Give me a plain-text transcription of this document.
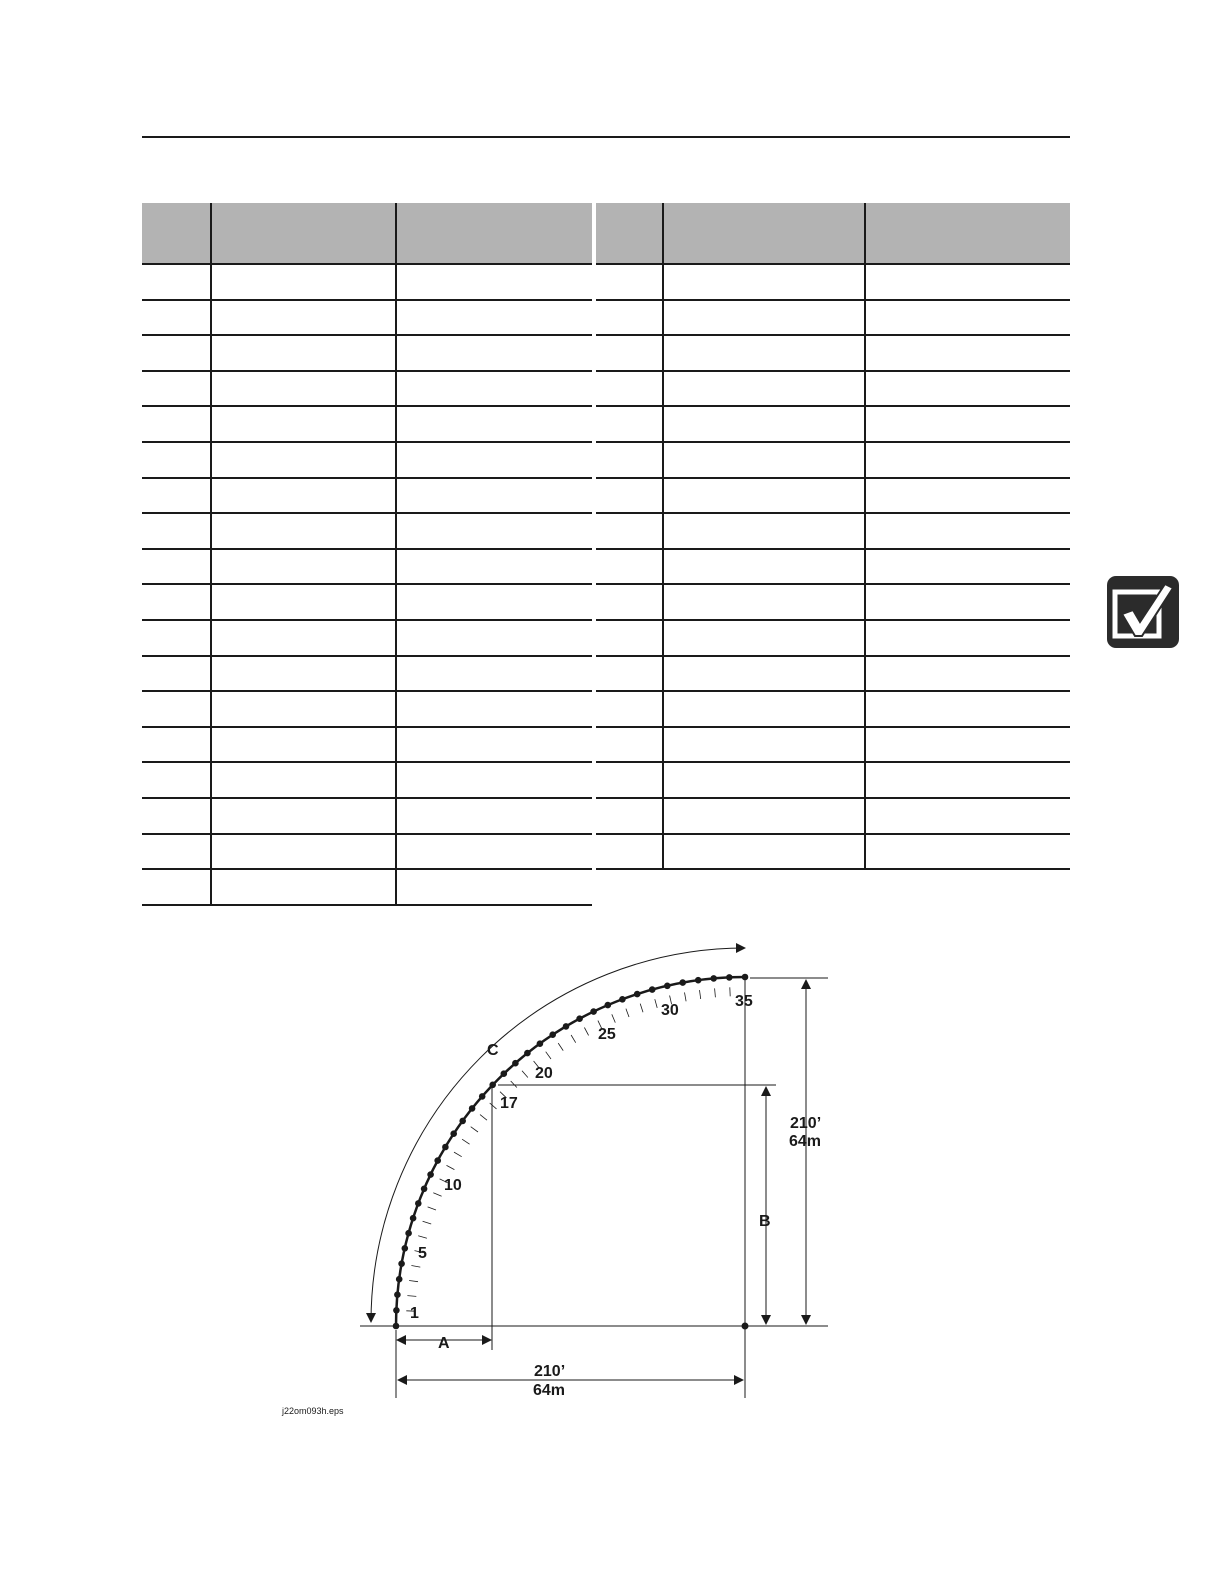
1
5
10
17
20
25
30
35
C
A
B
210’
64m
210’
64m
j22om093h.eps
